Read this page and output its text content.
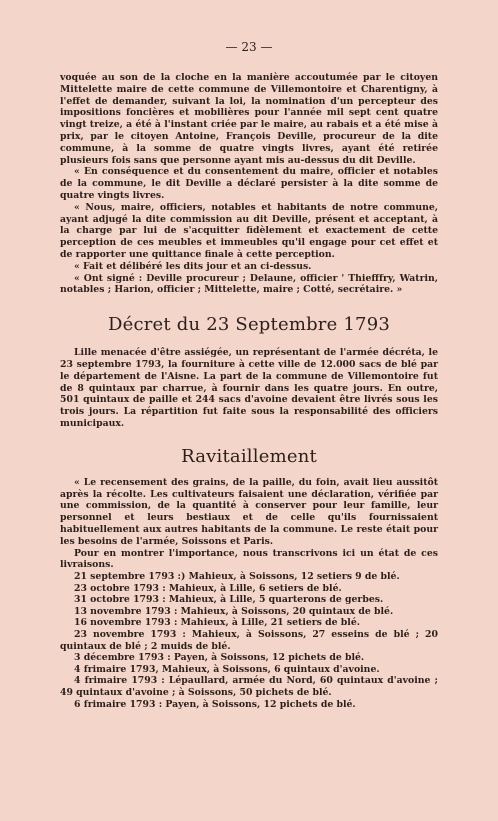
— 23 —

voquée au son de la cloche en la manière accoutumée par le citoyen Mittelette maire de cette commune de Villemontoire et Charentigny, à l'effet de demander, suivant la loi, la nomination d'un percepteur des impositions foncières et mobilières pour l'année mil sept cent quatre vingt treize, a été à l'instant criée par le maire, au rabais et a été mise à prix, par le citoyen Antoine, François Deville, procureur de la dite commune, à la somme de quatre vingts livres, ayant été retirée plusieurs fois sans que personne ayant mis au-dessus du dit Deville.

« En conséquence et du consentement du maire, officier et notables de la commune, le dit Deville a déclaré persister à la dite somme de quatre vingts livres.

« Nous, maire, officiers, notables et habitants de notre commune, ayant adjugé la dite commission au dit Deville, présent et acceptant, à la charge par lui de s'acquitter fidèlement et exactement de cette perception de ces meubles et immeubles qu'il engage pour cet effet et de rapporter une quittance finale à cette perception.

« Fait et délibéré les dits jour et an ci-dessus.

« Ont signé : Deville procureur ; Delaune, officier ' Thiefffry, Watrin, notables ; Harion, officier ; Mittelette, maire ; Cotté, secrétaire. »

Décret du 23 Septembre 1793

Lille menacée d'être assiégée, un représentant de l'armée décréta, le 23 septembre 1793, la fourniture à cette ville de 12.000 sacs de blé par le département de l'Aisne. La part de la commune de Villemontoire fut de 8 quintaux par charrue, à fournir dans les quatre jours. En outre, 501 quintaux de paille et 244 sacs d'avoine devaient être livrés sous les trois jours. La répartition fut faite sous la responsabilité des officiers municipaux.

Ravitaillement

« Le recensement des grains, de la paille, du foin, avait lieu aussitôt après la récolte. Les cultivateurs faisaient une déclaration, vérifiée par une commission, de la quantité à conserver pour leur famille, leur personnel et leurs bestiaux et de celle qu'ils fournissaient habituellement aux autres habitants de la commune. Le reste était pour les besoins de l'armée, Soissons et Paris.

Pour en montrer l'importance, nous transcrivons ici un état de ces livraisons.

21 septembre 1793 :) Mahieux, à Soissons, 12 setiers 9 de blé.
23 octobre 1793 : Mahieux, à Lille, 6 setiers de blé.
31 octobre 1793 : Mahieux, à Lille, 5 quarterons de gerbes.
13 novembre 1793 : Mahieux, à Soissons, 20 quintaux de blé.
16 novembre 1793 : Mahieux, à Lille, 21 setiers de blé.
23 novembre 1793 : Mahieux, à Soissons, 27 esseins de blé ; 20 quintaux de blé ; 2 muids de blé.
3 décembre 1793 : Payen, à Soissons, 12 pichets de blé.
4 frimaire 1793, Mahieux, à Soissons, 6 quintaux d'avoine.
4 frimaire 1793 : Lépaullard, armée du Nord, 60 quintaux d'avoine ; 49 quintaux d'avoine ; à Soissons, 50 pichets de blé.
6 frimaire 1793 : Payen, à Soissons, 12 pichets de blé.
